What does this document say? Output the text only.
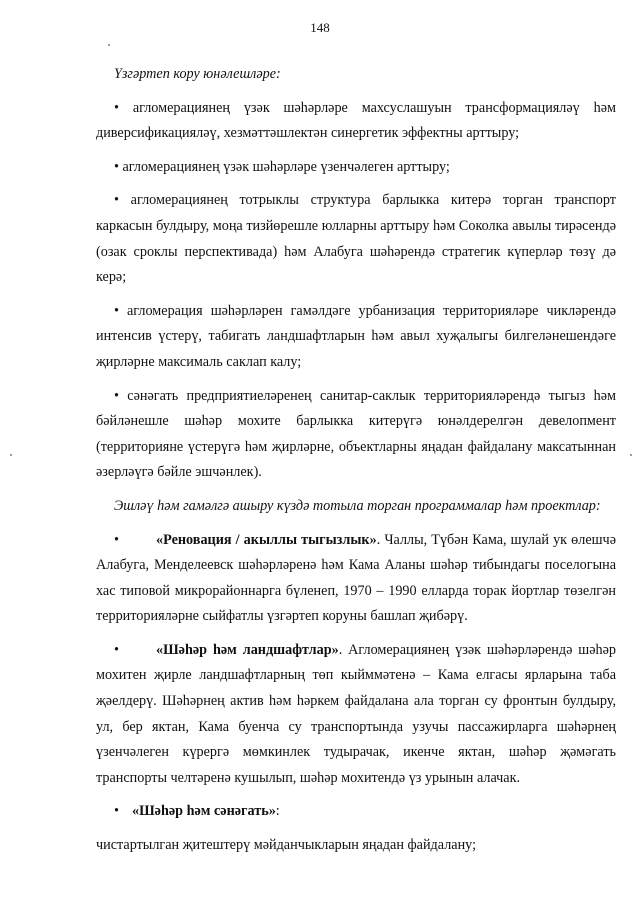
148

Үзгәртеп кору юнәлешләре:

• агломерациянең үзәк шәһәрләре махсуслашуын трансформацияләү һәм диверсификацияләү, хезмәттәшлектән синергетик эффектны арттыру;

• агломерациянең үзәк шәһәрләре үзенчәлеген арттыру;

• агломерациянең тотрыклы структура барлыкка китерә торган транспорт каркасын булдыру, моңа тизйөрешле юлларны арттыру һәм Соколка авылы тирәсендә (озак сроклы перспективада) һәм Алабуга шәһәрендә стратегик күперләр төзү дә керә;

• агломерация шәһәрләрен гамәлдәге урбанизация территорияләре чикләрендә интенсив үстерү, табигать ландшафтларын һәм авыл хуҗалыгы билгеләнешендәге җирләрне максималь саклап калу;

• сәнәгать предприятиеләренең санитар-саклык территорияләрендә тыгыз һәм бәйләнешле шәһәр мохите барлыкка китерүгә юнәлдерелгән девелопмент (территорияне үстерүгә һәм җирләрне, объектларны яңадан файдалану максатыннан әзерләүгә бәйле эшчәнлек).

Эшләү һәм гамәлгә ашыру күздә тотыла торган программалар һәм проектлар:

•	«Реновация / акыллы тыгызлык». Чаллы, Түбән Кама, шулай ук өлешчә Алабуга, Менделеевск шәһәрләренә һәм Кама Аланы шәһәр тибындагы поселогына хас типовой микрорайоннарга бүленеп, 1970 – 1990 елларда торак йортлар төзелгән территорияләрне сыйфатлы үзгәртеп коруны башлап җибәрү.

•	«Шәһәр һәм ландшафтлар». Агломерациянең үзәк шәһәрләрендә шәһәр мохитен җирле ландшафтларның төп кыйммәтенә – Кама елгасы ярларына таба җәелдерү. Шәһәрнең актив һәм һәркем файдалана ала торган су фронтын булдыру, ул, бер яктан, Кама буенча су транспортында узучы пассажирларга шәһәрнең үзенчәлеген күрергә мөмкинлек тудырачак, икенче яктан, шәһәр җәмәгать транспорты челтәренә кушылып, шәһәр мохитендә үз урынын алачак.

• «Шәһәр һәм сәнәгать»:

чистартылган җитештерү мәйданчыкларын яңадан файдалану;
